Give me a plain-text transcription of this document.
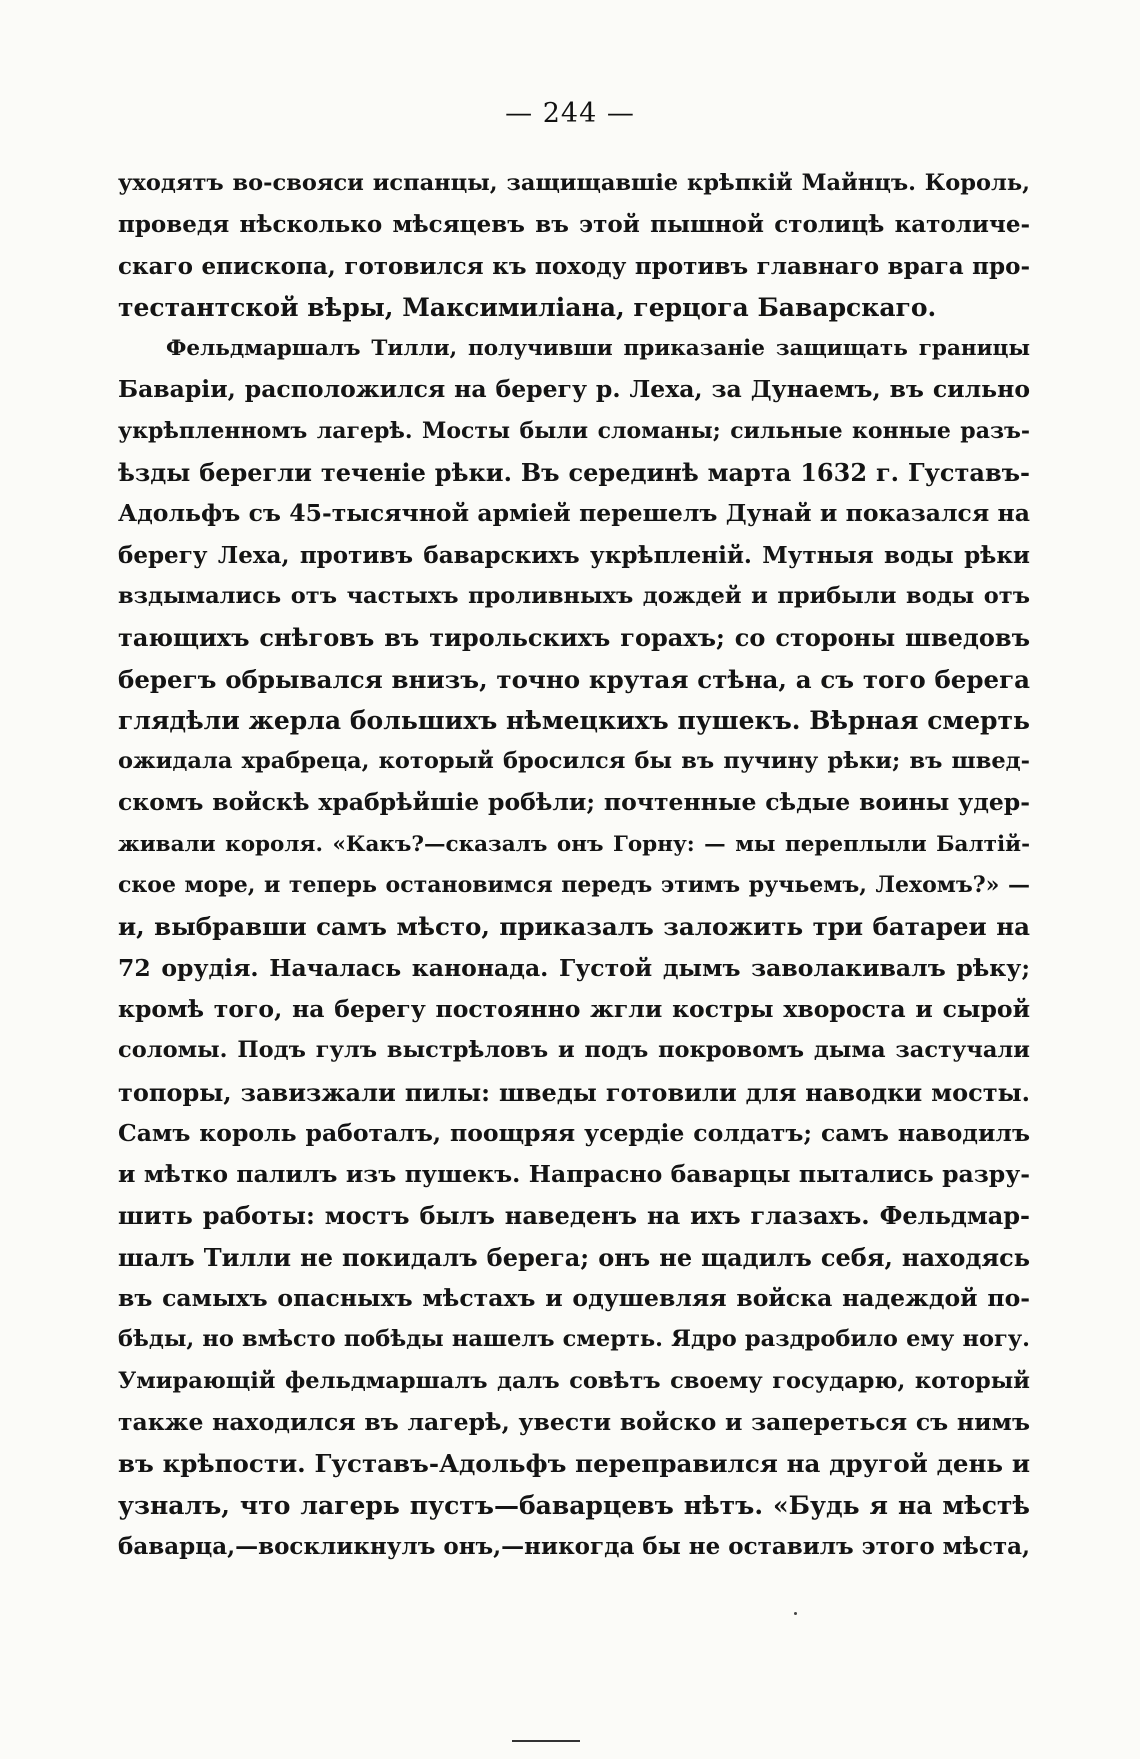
— 244 —
уходятъ во-свояси испанцы, защищавшіе крѣпкій Майнцъ. Король,
проведя нѣсколько мѣсяцевъ въ этой пышной столицѣ католиче-
скаго епископа, готовился къ походу противъ главнаго врага про-
тестантской вѣры, Максимиліана, герцога Баварскаго.
Фельдмаршалъ Тилли, получивши приказаніе защищать границы
Баваріи, расположился на берегу р. Леха, за Дунаемъ, въ сильно
укрѣпленномъ лагерѣ. Мосты были сломаны; сильные конные разъ-
ѣзды берегли теченіе рѣки. Въ серединѣ марта 1632 г. Густавъ-
Адольфъ съ 45-тысячной арміей перешелъ Дунай и показался на
берегу Леха, противъ баварскихъ укрѣпленій. Мутныя воды рѣки
вздымались отъ частыхъ проливныхъ дождей и прибыли воды отъ
тающихъ снѣговъ въ тирольскихъ горахъ; со стороны шведовъ
берегъ обрывался внизъ, точно крутая стѣна, а съ того берега
глядѣли жерла большихъ нѣмецкихъ пушекъ. Вѣрная смерть
ожидала храбреца, который бросился бы въ пучину рѣки; въ швед-
скомъ войскѣ храбрѣйшіе робѣли; почтенные сѣдые воины удер-
живали короля. «Какъ?—сказалъ онъ Горну: — мы переплыли Балтій-
ское море, и теперь остановимся передъ этимъ ручьемъ, Лехомъ?» —
и, выбравши самъ мѣсто, приказалъ заложить три батареи на
72 орудія. Началась канонада. Густой дымъ заволакивалъ рѣку;
кромѣ того, на берегу постоянно жгли костры хвороста и сырой
соломы. Подъ гулъ выстрѣловъ и подъ покровомъ дыма застучали
топоры, завизжали пилы: шведы готовили для наводки мосты.
Самъ король работалъ, поощряя усердіе солдатъ; самъ наводилъ
и мѣтко палилъ изъ пушекъ. Напрасно баварцы пытались разру-
шить работы: мостъ былъ наведенъ на ихъ глазахъ. Фельдмар-
шалъ Тилли не покидалъ берега; онъ не щадилъ себя, находясь
въ самыхъ опасныхъ мѣстахъ и одушевляя войска надеждой по-
бѣды, но вмѣсто побѣды нашелъ смерть. Ядро раздробило ему ногу.
Умирающій фельдмаршалъ далъ совѣтъ своему государю, который
также находился въ лагерѣ, увести войско и запереться съ нимъ
въ крѣпости. Густавъ-Адольфъ переправился на другой день и
узналъ, что лагерь пустъ—баварцевъ нѣтъ. «Будь я на мѣстѣ
баварца,—воскликнулъ онъ,—никогда бы не оставилъ этого мѣста,
